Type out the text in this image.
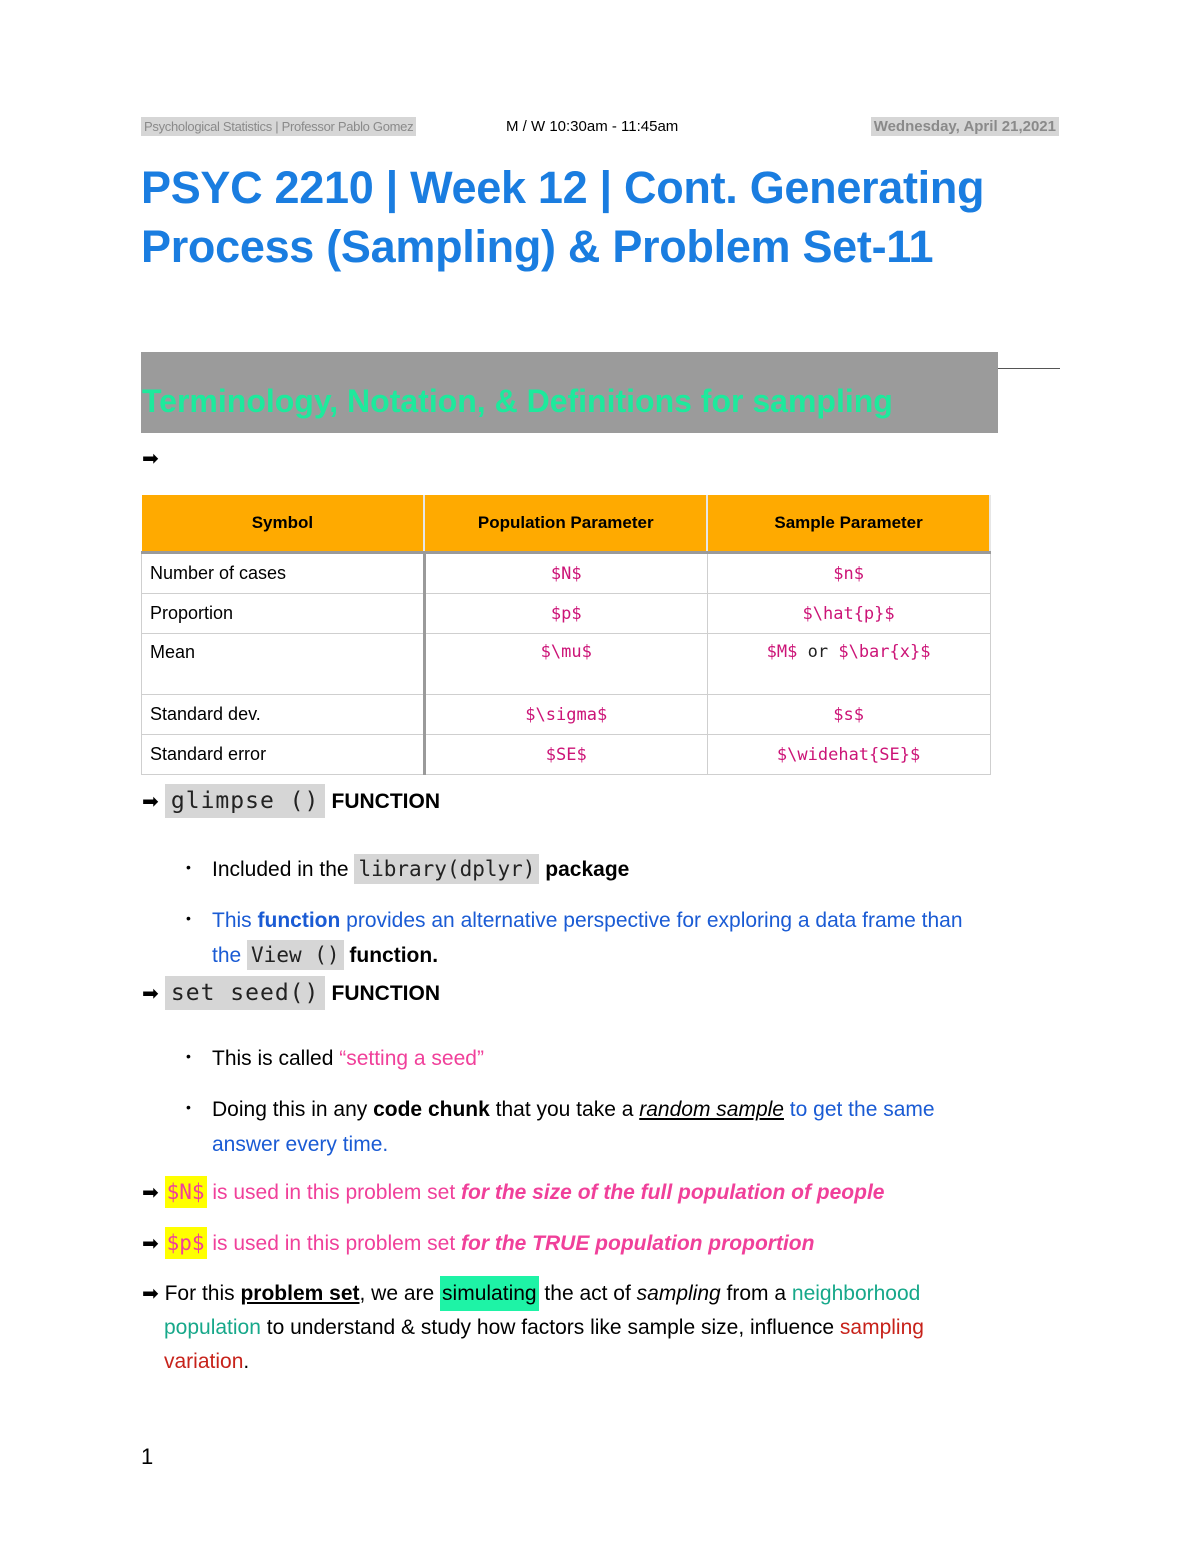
Psychological Statistics | Professor Pablo Gomez	M / W 10:30am - 11:45am	Wednesday, April 21,2021
PSYC 2210 | Week 12 | Cont. Generating Process (Sampling) & Problem Set-11
Terminology, Notation, & Definitions for sampling
➡
Symbol	Population Parameter	Sample Parameter
Number of cases	$N$	$n$
Proportion	$p$	$\hat{p}$
Mean	$\mu$	$M$ or $\bar{x}$
Standard dev.	$\sigma$	$s$
Standard error	$SE$	$\widehat{SE}$
➡ glimpse () FUNCTION
• Included in the library(dplyr) package
• This function provides an alternative perspective for exploring a data frame than
the View () function.
➡ set seed() FUNCTION
• This is called “setting a seed”
• Doing this in any code chunk that you take a random sample to get the same
answer every time.
➡ $N$ is used in this problem set for the size of the full population of people
➡ $p$ is used in this problem set for the TRUE population proportion
➡ For this problem set, we are simulating the act of sampling from a neighborhood
population to understand & study how factors like sample size, influence sampling
variation.
1
